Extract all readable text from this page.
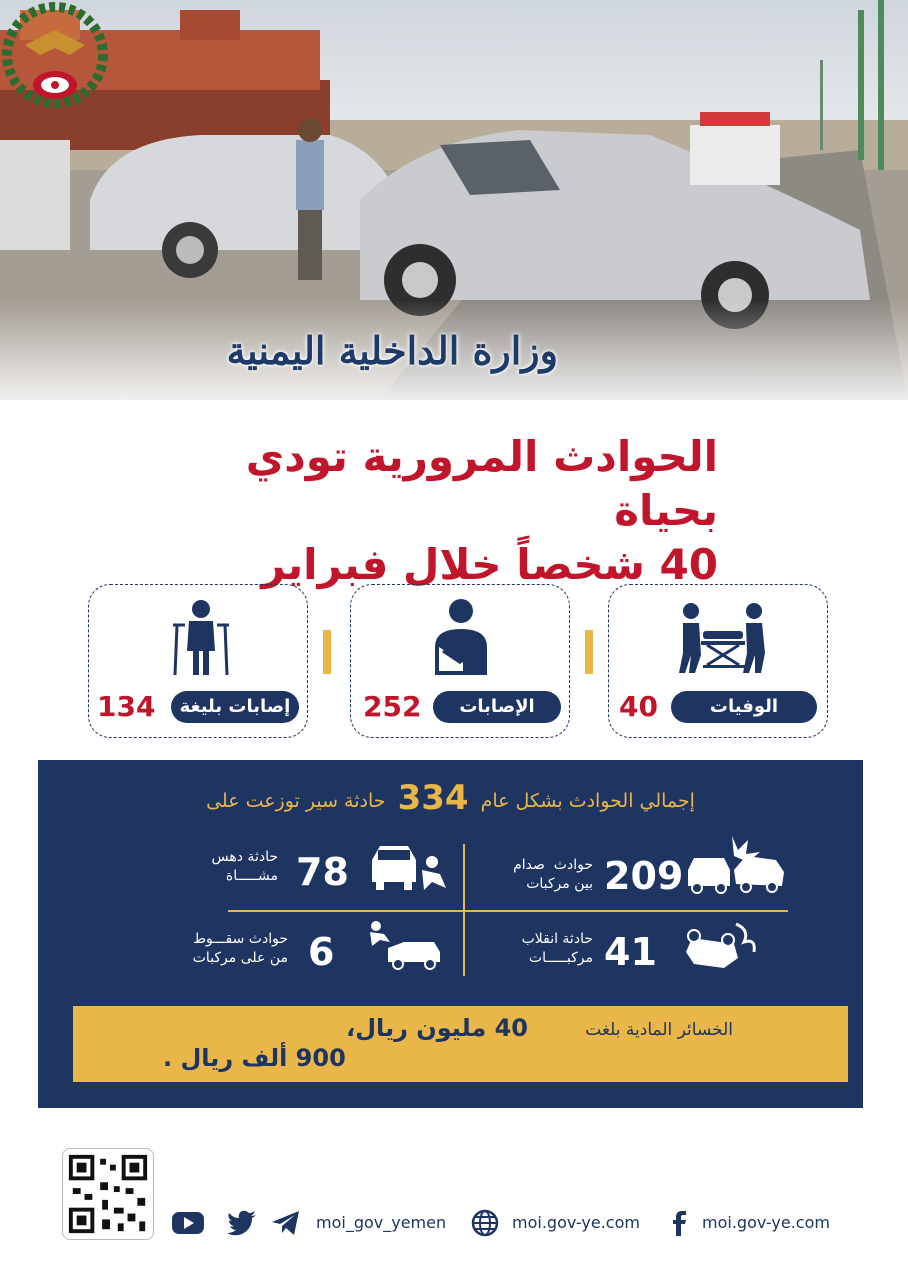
وزارة الداخلية اليمنية
الحوادث المرورية تودي بحياة
40 شخصاً خلال فبراير
الوفيات
40
الإصابات
252
إصابات بليغة
134
إجمالي الحوادث بشكل عام 334 حادثة سير توزعت على
209
حوادث  صدام
بين مركبات
78
حادثة دهس
مشـــــاة
41
حادثة انقلاب
مركبـــــات
6
حوادث سقـــوط
من على مركبات
الخسائر المادية بلغت
40 مليون ريال،
900 ألف ريال .
moi_gov_yemen	moi.gov-ye.com	moi.gov-ye.com
